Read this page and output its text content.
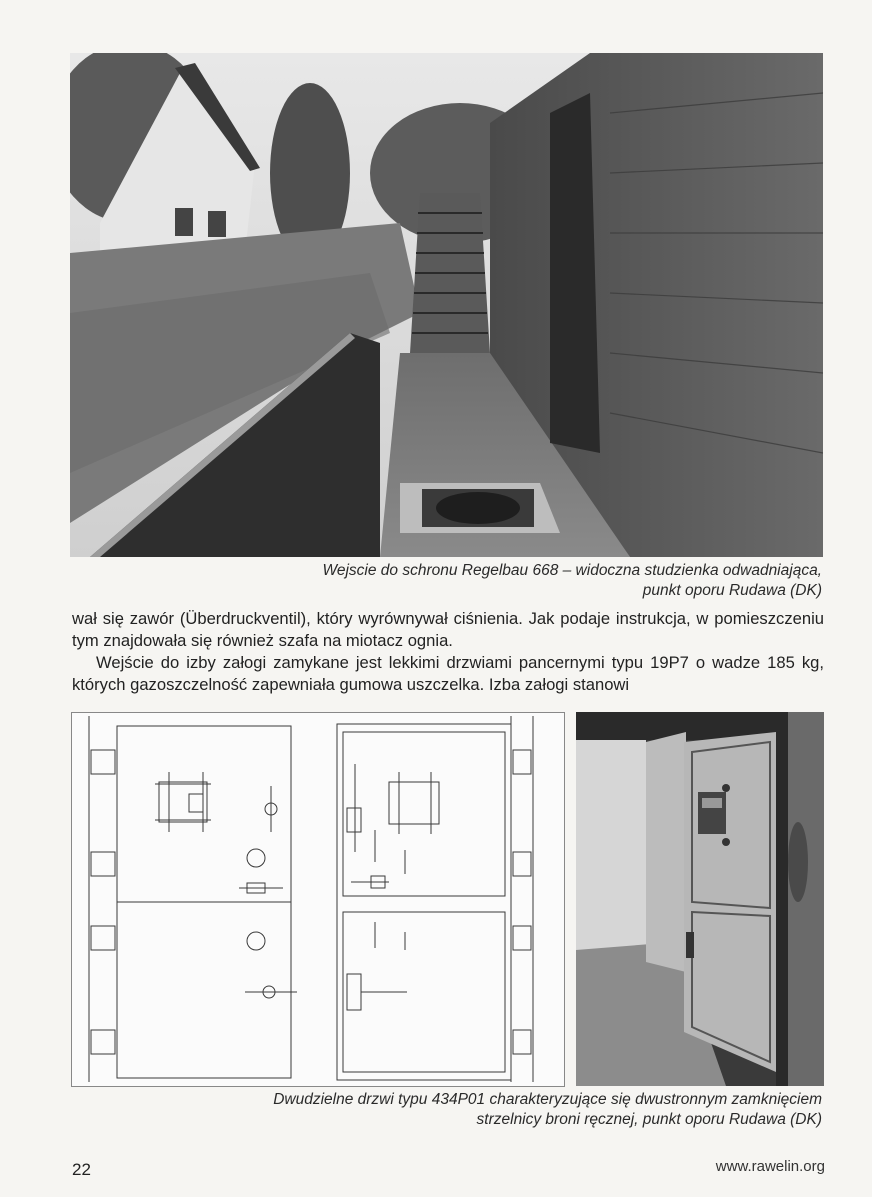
Wejscie do schronu Regelbau 668 – widoczna studzienka odwadniająca,
punkt oporu Rudawa (DK)

wał się zawór (Überdruckventil), który wyrównywał ciśnienia. Jak podaje instrukcja, w pomieszczeniu tym znajdowała się również szafa na miotacz ognia.

Wejście do izby załogi zamykane jest lekkimi drzwiami pancernymi typu 19P7 o wadze 185 kg, których gazoszczelność zapewniała gumowa uszczelka. Izba załogi stanowi

Dwudzielne drzwi typu 434P01 charakteryzujące się dwustronnym zamknięciem
strzelnicy broni ręcznej, punkt oporu Rudawa (DK)
22	www.rawelin.org
